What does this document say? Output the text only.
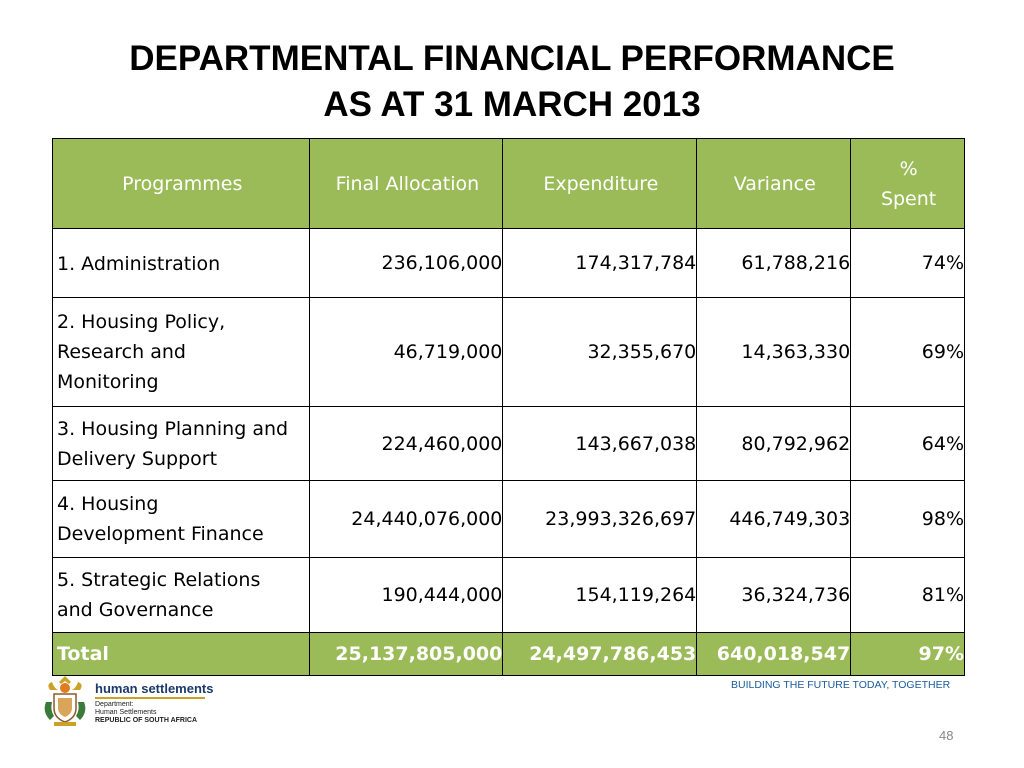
DEPARTMENTAL FINANCIAL PERFORMANCE
AS AT 31 MARCH 2013
Programmes	Final Allocation	Expenditure	Variance	%
Spent

1. Administration	236,106,000	174,317,784	61,788,216	74%

2. Housing Policy,
Research and
Monitoring	46,719,000	32,355,670	14,363,330	69%

3. Housing Planning and
Delivery Support	224,460,000	143,667,038	80,792,962	64%

4. Housing
Development Finance	24,440,076,000	23,993,326,697	446,749,303	98%

5. Strategic Relations
and Governance	190,444,000	154,119,264	36,324,736	81%
Total	25,137,805,000	24,497,786,453	640,018,547	97%
human settlements
Department:
Human Settlements
REPUBLIC OF SOUTH AFRICA
BUILDING THE FUTURE TODAY, TOGETHER
48
